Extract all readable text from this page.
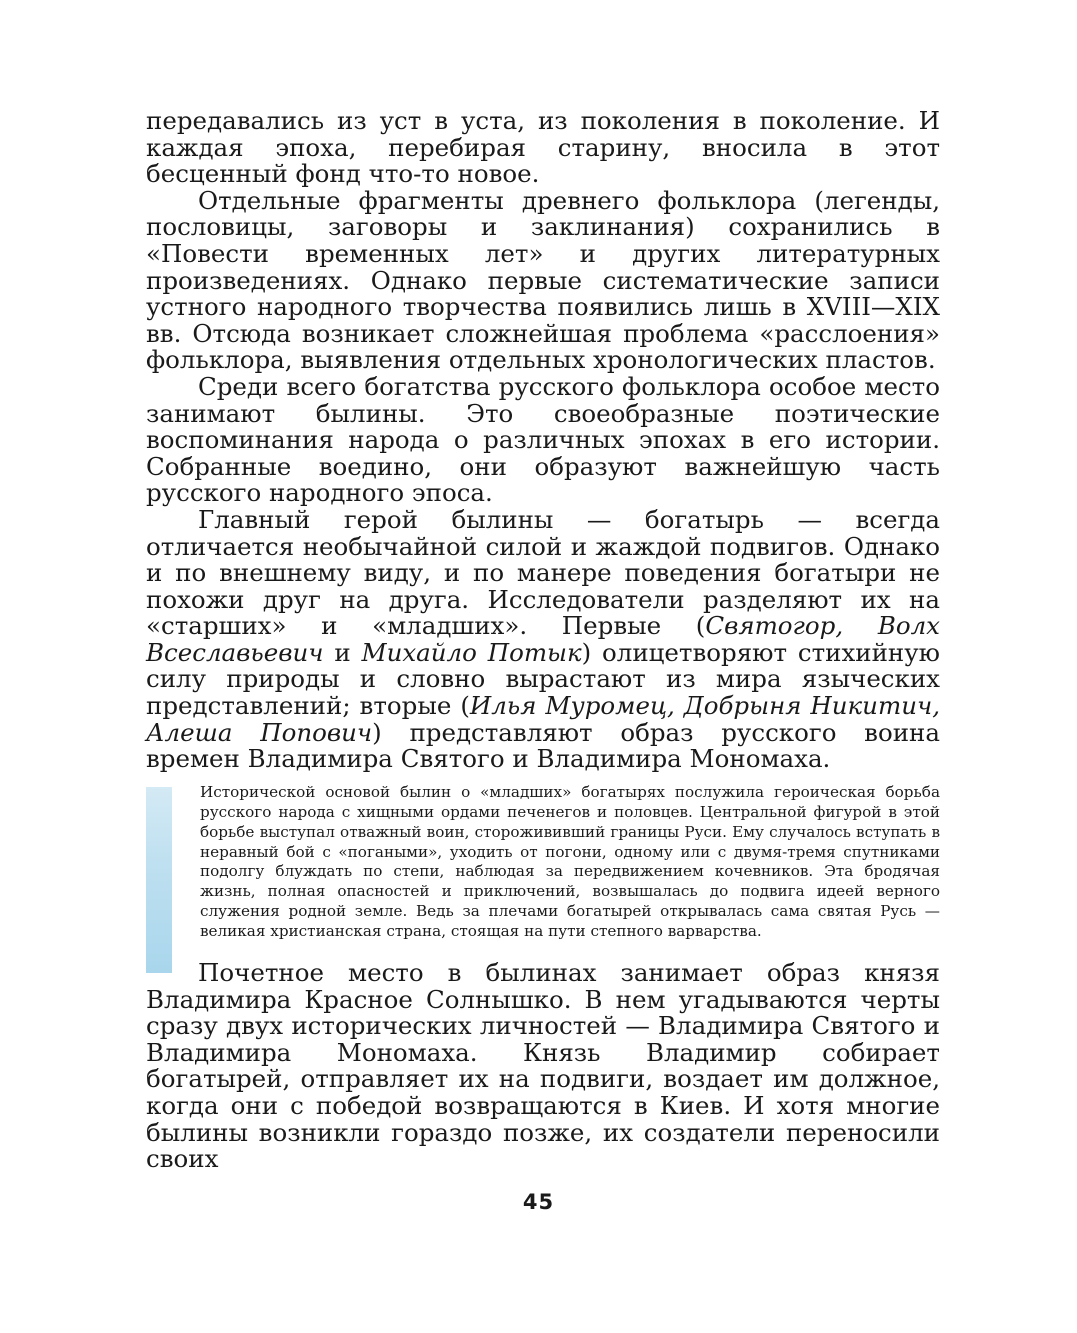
передавались из уст в уста, из поколения в поколение. И каждая эпоха, перебирая старину, вносила в этот бесценный фонд что-то новое.

Отдельные фрагменты древнего фольклора (легенды, пословицы, заговоры и заклинания) сохранились в «Повести временных лет» и других литературных произведениях. Однако первые систематические записи устного народного творчества появились лишь в XVIII—XIX вв. Отсюда возникает сложнейшая проблема «расслоения» фольклора, выявления отдельных хронологических пластов.

Среди всего богатства русского фольклора особое место занимают былины. Это своеобразные поэтические воспоминания народа о различных эпохах в его истории. Собранные воедино, они образуют важнейшую часть русского народного эпоса.

Главный герой былины — богатырь — всегда отличается необычайной силой и жаждой подвигов. Однако и по внешнему виду, и по манере поведения богатыри не похожи друг на друга. Исследователи разделяют их на «старших» и «младших». Первые (Святогор, Волх Всеславьевич и Михайло Потык) олицетворяют стихийную силу природы и словно вырастают из мира языческих представлений; вторые (Илья Муромец, Добрыня Никитич, Алеша Попович) представляют образ русского воина времен Владимира Святого и Владимира Мономаха.

Исторической основой былин о «младших» богатырях послужила героическая борьба русского народа с хищными ордами печенегов и половцев. Центральной фигурой в этой борьбе выступал отважный воин, сторожививший границы Руси. Ему случалось вступать в неравный бой с «погаными», уходить от погони, одному или с двумя-тремя спутниками подолгу блуждать по степи, наблюдая за передвижением кочевников. Эта бродячая жизнь, полная опасностей и приключений, возвышалась до подвига идеей верного служения родной земле. Ведь за плечами богатырей открывалась сама святая Русь — великая христианская страна, стоящая на пути степного варварства.

Почетное место в былинах занимает образ князя Владимира Красное Солнышко. В нем угадываются черты сразу двух исторических личностей — Владимира Святого и Владимира Мономаха. Князь Владимир собирает богатырей, отправляет их на подвиги, воздает им должное, когда они с победой возвращаются в Киев. И хотя многие былины возникли гораздо позже, их создатели переносили своих

45
